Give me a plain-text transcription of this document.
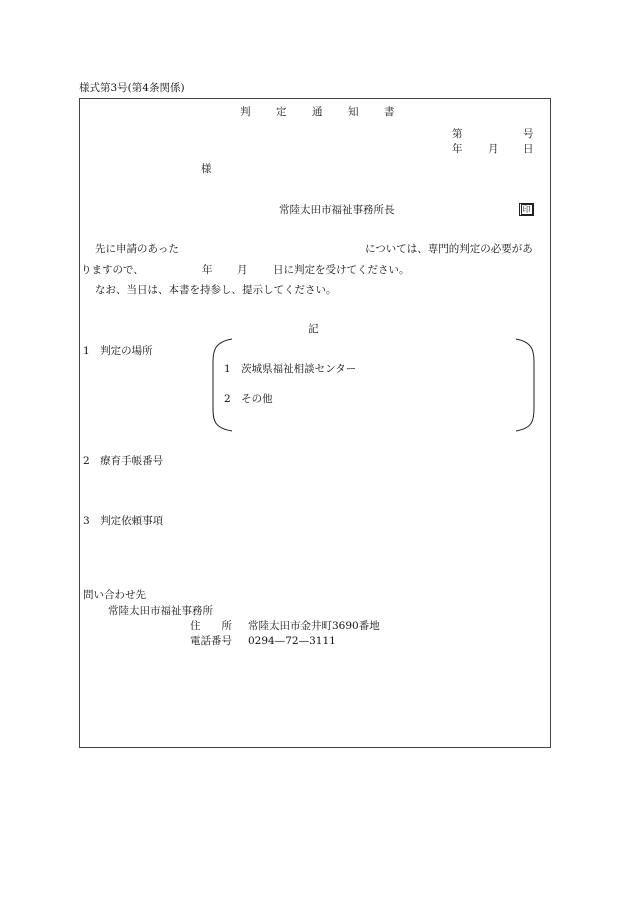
様式第3号(第4条関係)
判 定 通 知 書
第	号
年 月 日
様
常陸太田市福祉事務所長	印
先に申請のあった	については、専門的判定の必要があ
りますので、	年 月 日に判定を受けてください。
なお、当日は、本書を持参し、提示してください。
記
1　判定の場所
1　茨城県福祉相談センター
2　その他
2　療育手帳番号
3　判定依頼事項
問い合わせ先
常陸太田市福祉事務所
住　　所 常陸太田市金井町3690番地
電話番号 0294—72—3111
